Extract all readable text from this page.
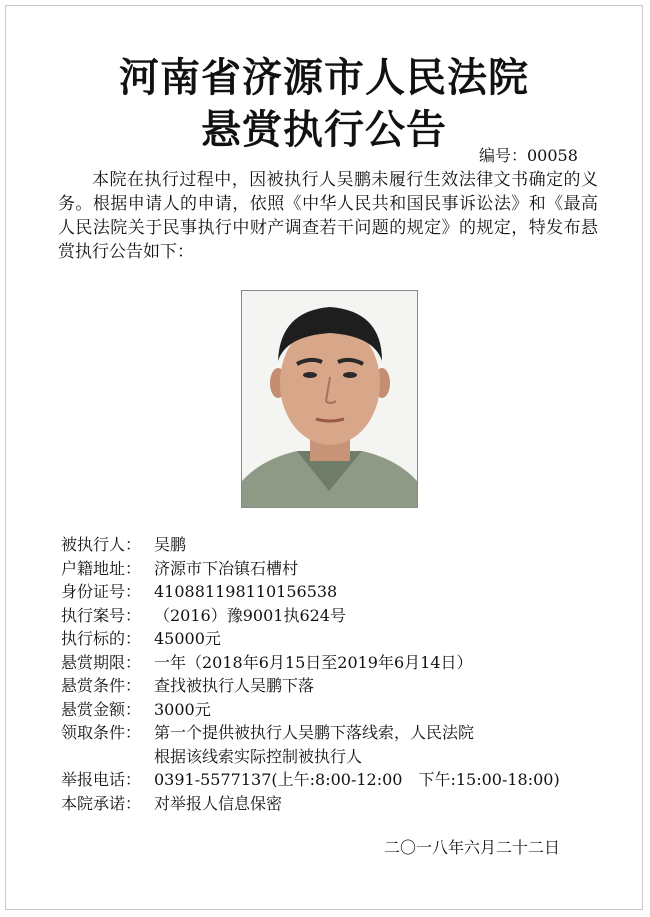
河南省济源市人民法院
悬赏执行公告
编号：00058
本院在执行过程中，因被执行人吴鹏未履行生效法律文书确定的义务。根据申请人的申请，依照《中华人民共和国民事诉讼法》和《最高人民法院关于民事执行中财产调查若干问题的规定》的规定，特发布悬赏执行公告如下：
被执行人： 吴鹏
户籍地址： 济源市下冶镇石槽村
身份证号： 410881198110156538
执行案号： （2016）豫9001执624号
执行标的： 45000元
悬赏期限： 一年（2018年6月15日至2019年6月14日）
悬赏条件： 查找被执行人吴鹏下落
悬赏金额： 3000元
领取条件： 第一个提供被执行人吴鹏下落线索，人民法院根据该线索实际控制被执行人
举报电话： 0391-5577137(上午:8:00-12:00　下午:15:00-18:00)
本院承诺： 对举报人信息保密
二〇一八年六月二十二日
